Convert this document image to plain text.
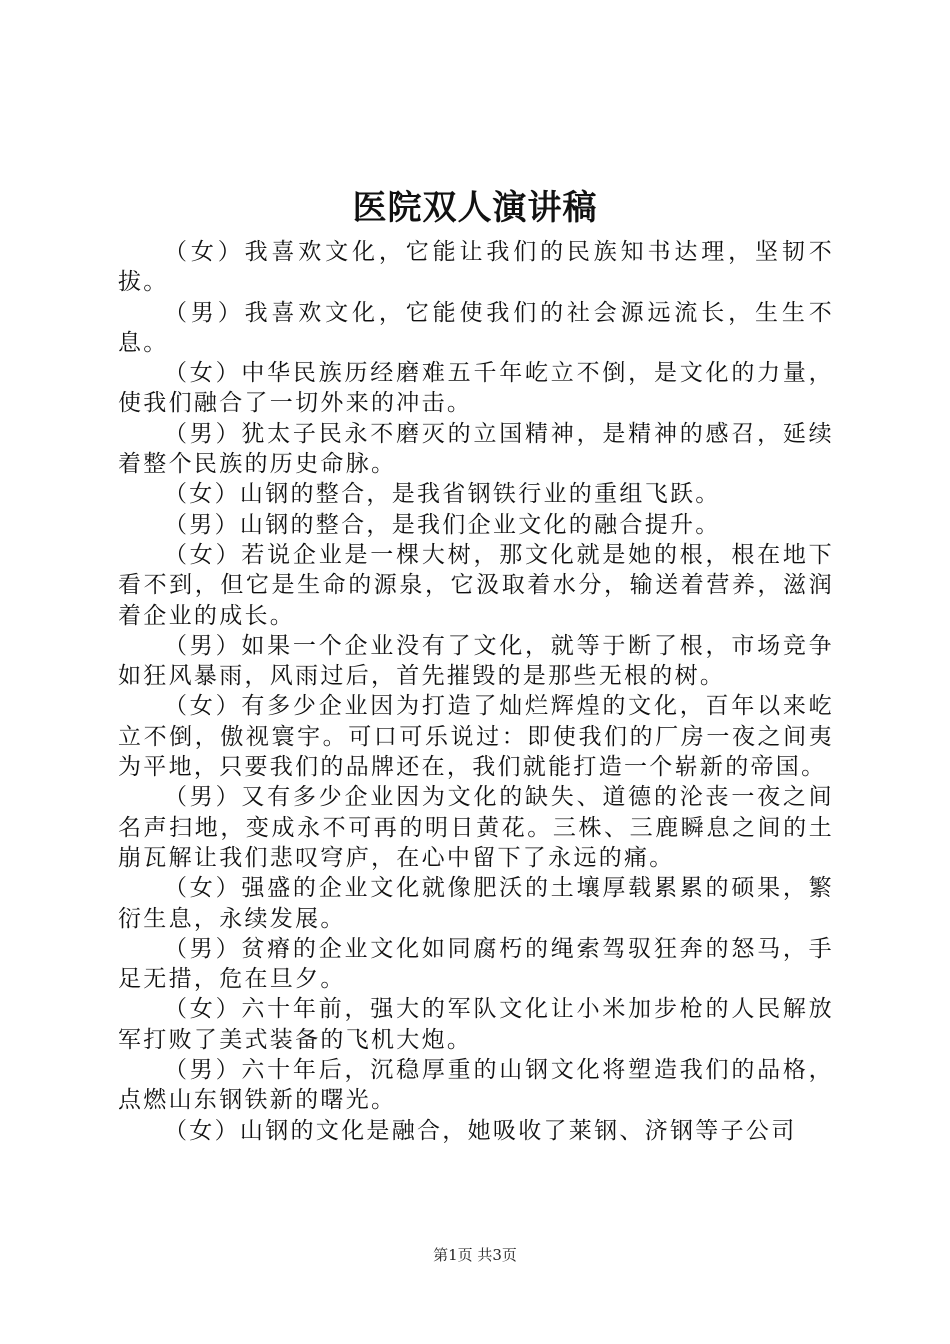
医院双人演讲稿

（女）我喜欢文化，它能让我们的民族知书达理，坚韧不拔。

（男）我喜欢文化，它能使我们的社会源远流长，生生不息。

（女）中华民族历经磨难五千年屹立不倒，是文化的力量，使我们融合了一切外来的冲击。

（男）犹太子民永不磨灭的立国精神，是精神的感召，延续着整个民族的历史命脉。

（女）山钢的整合，是我省钢铁行业的重组飞跃。

（男）山钢的整合，是我们企业文化的融合提升。

（女）若说企业是一棵大树，那文化就是她的根，根在地下看不到，但它是生命的源泉，它汲取着水分，输送着营养，滋润着企业的成长。

（男）如果一个企业没有了文化，就等于断了根，市场竞争如狂风暴雨，风雨过后，首先摧毁的是那些无根的树。

（女）有多少企业因为打造了灿烂辉煌的文化，百年以来屹立不倒，傲视寰宇。可口可乐说过：即使我们的厂房一夜之间夷为平地，只要我们的品牌还在，我们就能打造一个崭新的帝国。

（男）又有多少企业因为文化的缺失、道德的沦丧一夜之间名声扫地，变成永不可再的明日黄花。三株、三鹿瞬息之间的土崩瓦解让我们悲叹穹庐，在心中留下了永远的痛。

（女）强盛的企业文化就像肥沃的土壤厚载累累的硕果，繁衍生息，永续发展。

（男）贫瘠的企业文化如同腐朽的绳索驾驭狂奔的怒马，手足无措，危在旦夕。

（女）六十年前，强大的军队文化让小米加步枪的人民解放军打败了美式装备的飞机大炮。

（男）六十年后，沉稳厚重的山钢文化将塑造我们的品格，点燃山东钢铁新的曙光。

（女）山钢的文化是融合，她吸收了莱钢、济钢等子公司

第1页 共3页
